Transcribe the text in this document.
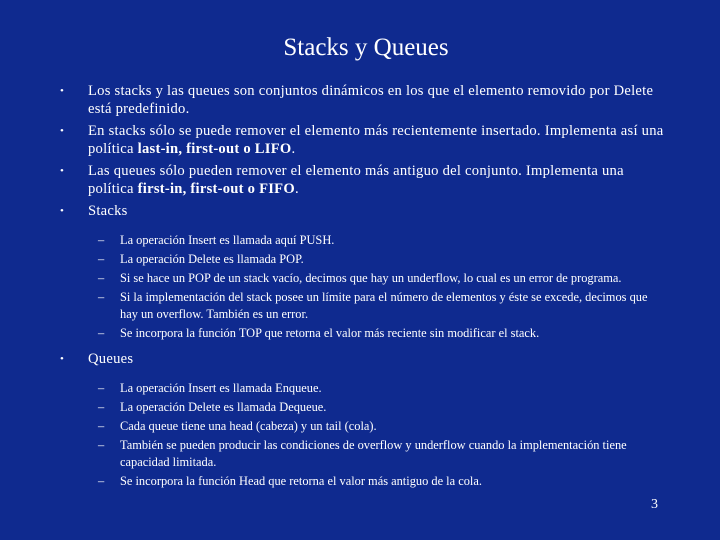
Stacks y Queues
• Los stacks y las queues son conjuntos dinámicos en los que el elemento removido por Delete está predefinido.
• En stacks sólo se puede remover el elemento más recientemente insertado. Implementa así una política last-in, first-out o LIFO.
• Las queues sólo pueden remover el elemento más antiguo del conjunto. Implementa una política first-in, first-out o FIFO.
• Stacks
– La operación Insert es llamada aquí PUSH.
– La operación Delete es llamada POP.
– Si se hace un POP de un stack vacío, decimos que hay un underflow, lo cual es un error de programa.
– Si la implementación del stack posee un límite para el número de elementos y éste se excede, decimos que hay un overflow. También es un error.
– Se incorpora la función TOP que retorna el valor más reciente sin modificar el stack.
• Queues
– La operación Insert es llamada Enqueue.
– La operación Delete es llamada Dequeue.
– Cada queue tiene una head (cabeza) y un tail (cola).
– También se pueden producir las condiciones de overflow y underflow cuando la implementación tiene capacidad limitada.
– Se incorpora la función Head que retorna el valor más antiguo de la cola.
3
